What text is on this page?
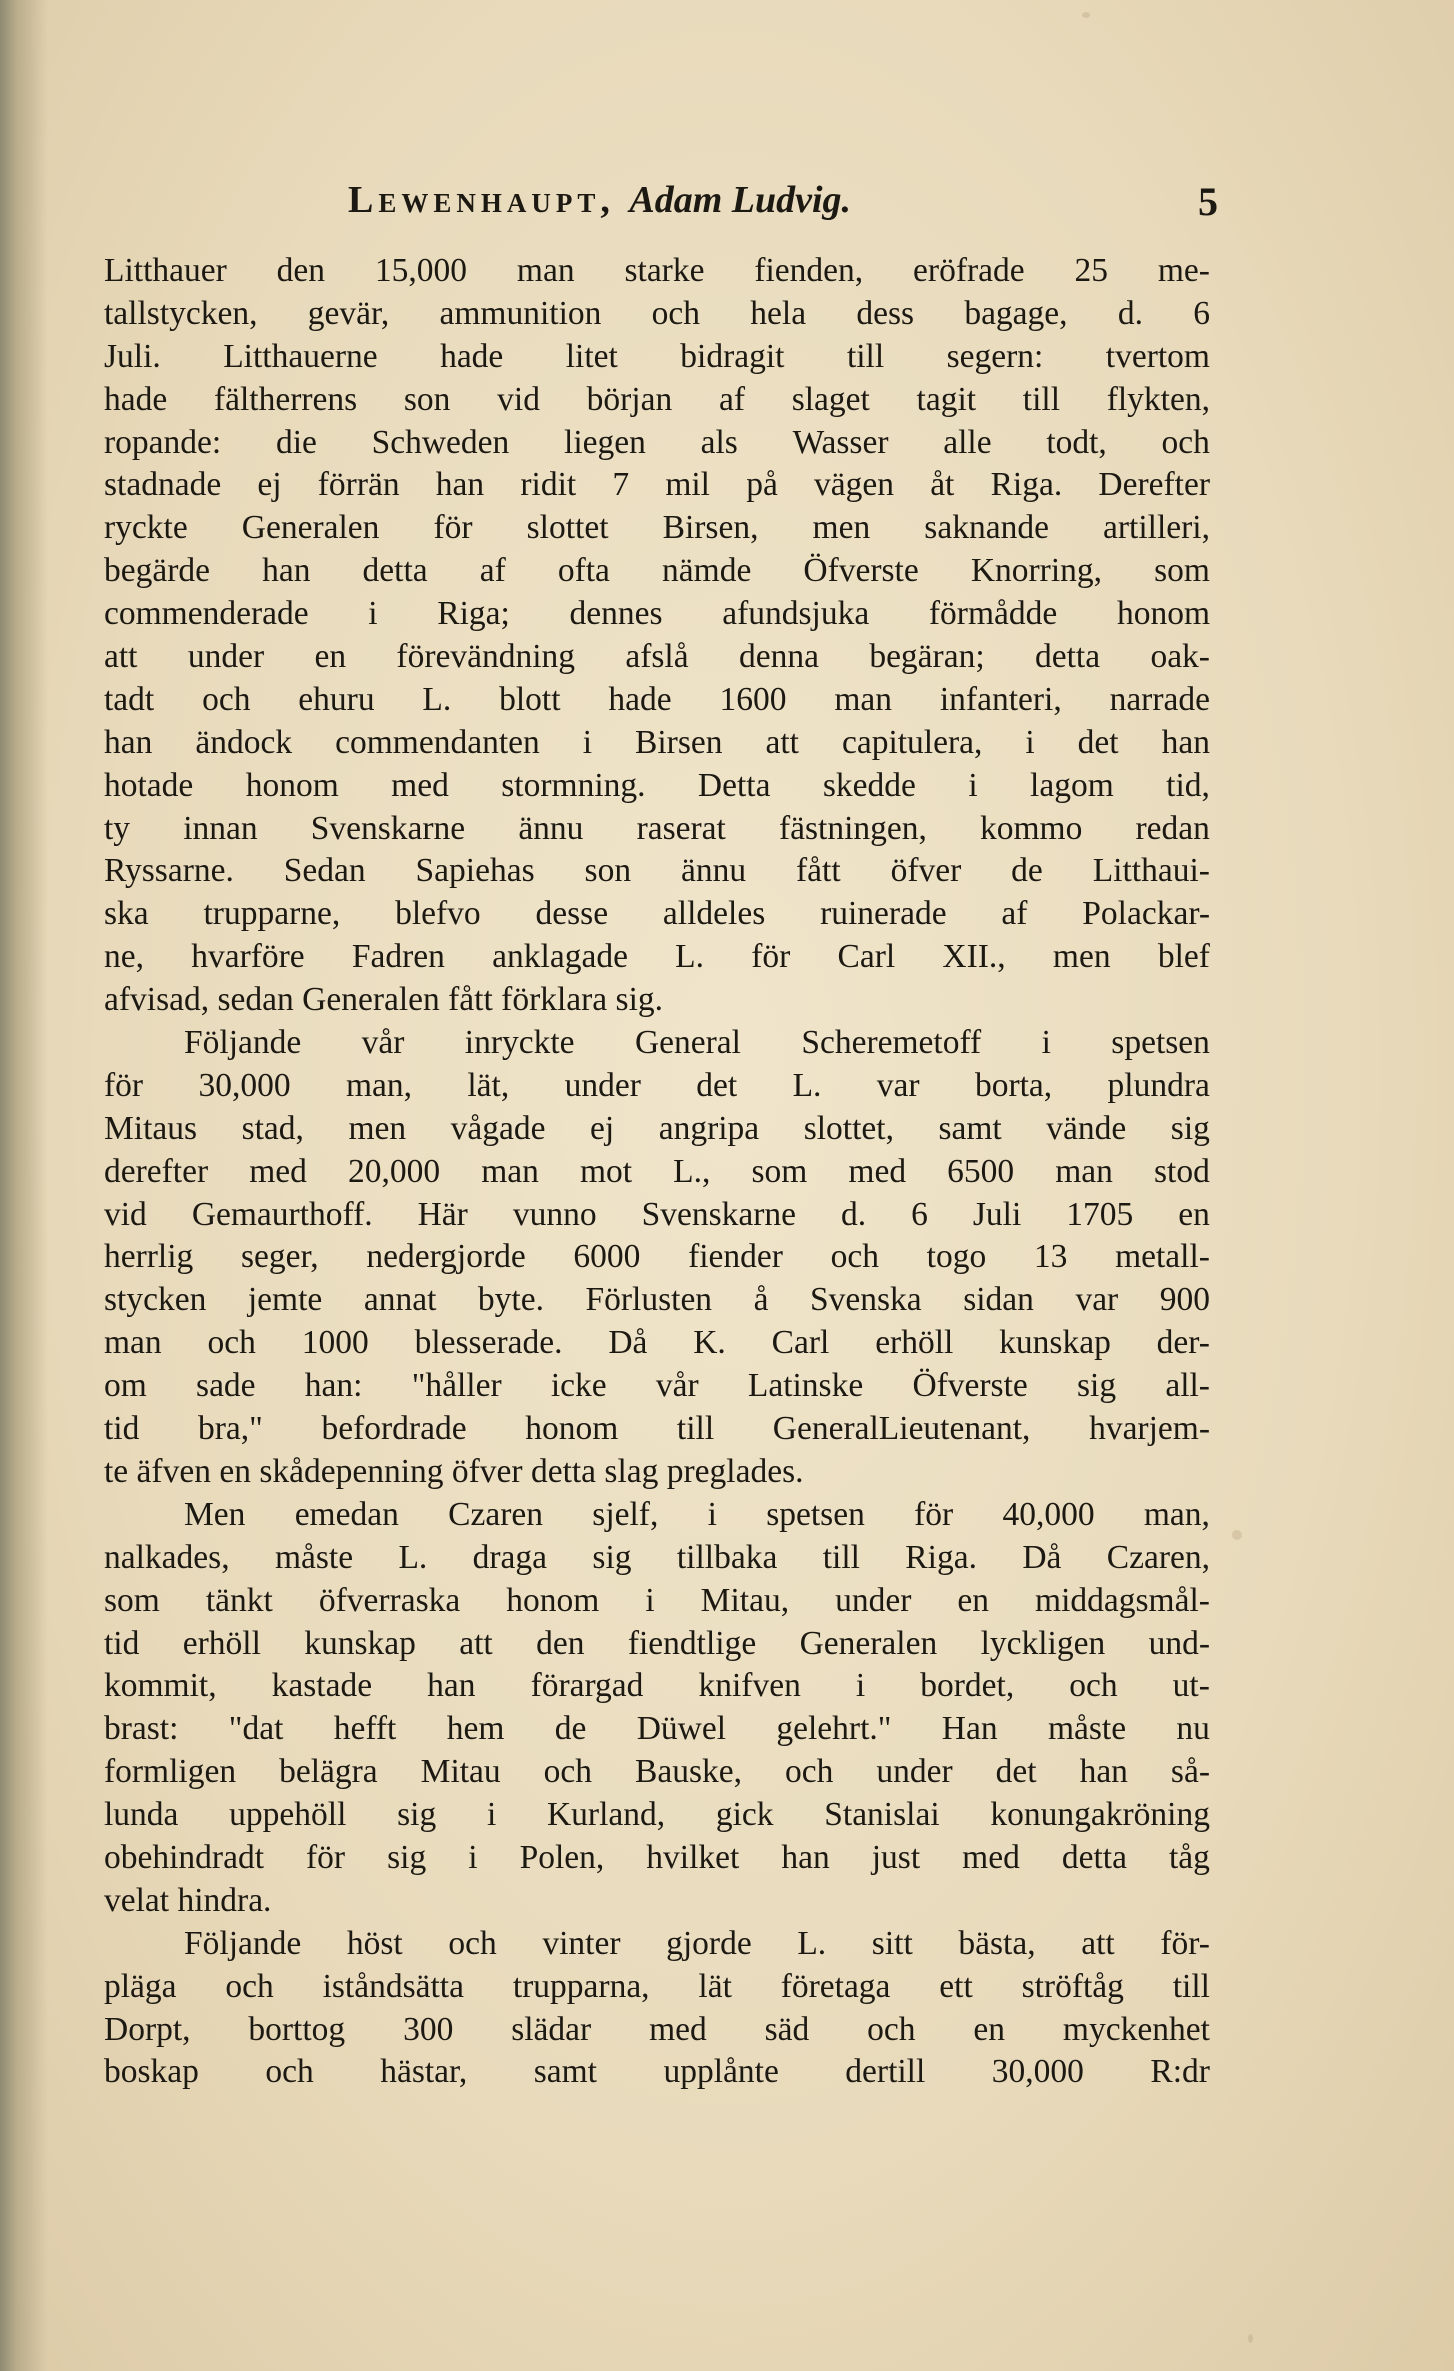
Lewenhaupt, Adam Ludvig.	5
Litthauer den 15,000 man starke fienden, eröfrade 25 me-
tallstycken, gevär, ammunition och hela dess bagage, d. 6
Juli. Litthauerne hade litet bidragit till segern: tvertom
hade fältherrens son vid början af slaget tagit till flykten,
ropande: die Schweden liegen als Wasser alle todt, och
stadnade ej förrän han ridit 7 mil på vägen åt Riga. Derefter
ryckte Generalen för slottet Birsen, men saknande artilleri,
begärde han detta af ofta nämde Öfverste Knorring, som
commenderade i Riga; dennes afundsjuka förmådde honom
att under en förevändning afslå denna begäran; detta oak-
tadt och ehuru L. blott hade 1600 man infanteri, narrade
han ändock commendanten i Birsen att capitulera, i det han
hotade honom med stormning. Detta skedde i lagom tid,
ty innan Svenskarne ännu raserat fästningen, kommo redan
Ryssarne. Sedan Sapiehas son ännu fått öfver de Litthaui-
ska trupparne, blefvo desse alldeles ruinerade af Polackar-
ne, hvarföre Fadren anklagade L. för Carl XII., men blef
afvisad, sedan Generalen fått förklara sig.
Följande vår inryckte General Scheremetoff i spetsen
för 30,000 man, lät, under det L. var borta, plundra
Mitaus stad, men vågade ej angripa slottet, samt vände sig
derefter med 20,000 man mot L., som med 6500 man stod
vid Gemaurthoff. Här vunno Svenskarne d. 6 Juli 1705 en
herrlig seger, nedergjorde 6000 fiender och togo 13 metall-
stycken jemte annat byte. Förlusten å Svenska sidan var 900
man och 1000 blesserade. Då K. Carl erhöll kunskap der-
om sade han: "håller icke vår Latinske Öfverste sig all-
tid bra," befordrade honom till GeneralLieutenant, hvarjem-
te äfven en skådepenning öfver detta slag preglades.
Men emedan Czaren sjelf, i spetsen för 40,000 man,
nalkades, måste L. draga sig tillbaka till Riga. Då Czaren,
som tänkt öfverraska honom i Mitau, under en middagsmål-
tid erhöll kunskap att den fiendtlige Generalen lyckligen und-
kommit, kastade han förargad knifven i bordet, och ut-
brast: "dat hefft hem de Düwel gelehrt." Han måste nu
formligen belägra Mitau och Bauske, och under det han så-
lunda uppehöll sig i Kurland, gick Stanislai konungakröning
obehindradt för sig i Polen, hvilket han just med detta tåg
velat hindra.
Följande höst och vinter gjorde L. sitt bästa, att för-
pläga och iståndsätta trupparna, lät företaga ett ströftåg till
Dorpt, borttog 300 slädar med säd och en myckenhet
boskap och hästar, samt upplånte dertill 30,000 R:dr
